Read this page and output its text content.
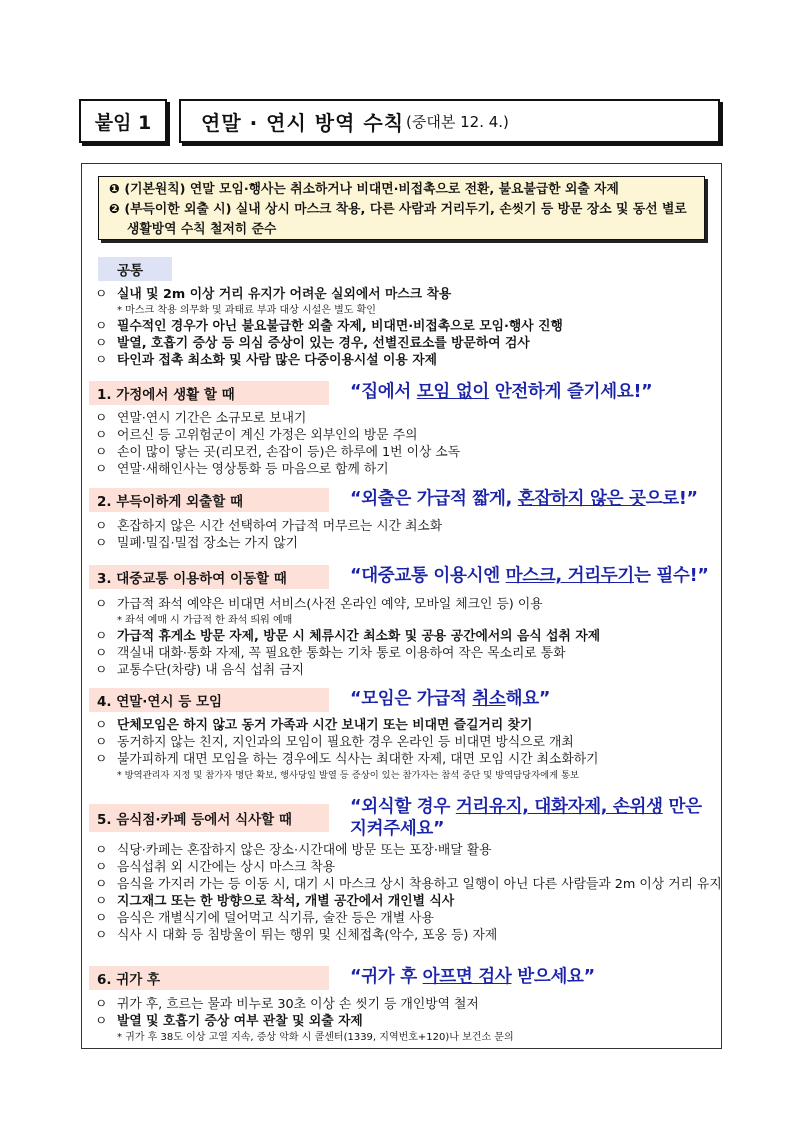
붙임 1	연말 · 연시 방역 수칙 (중대본 12. 4.)
❶ (기본원칙) 연말 모임·행사는 취소하거나 비대면·비접촉으로 전환, 불요불급한 외출 자제
❷ (부득이한 외출 시) 실내 상시 마스크 착용, 다른 사람과 거리두기, 손씻기 등 방문 장소 및 동선 별로 생활방역 수칙 철저히 준수
공통
ㅇ 실내 및 2m 이상 거리 유지가 어려운 실외에서 마스크 착용
* 마스크 착용 의무화 및 과태료 부과 대상 시설은 별도 확인
ㅇ 필수적인 경우가 아닌 불요불급한 외출 자제, 비대면·비접촉으로 모임·행사 진행
ㅇ 발열, 호흡기 증상 등 의심 증상이 있는 경우, 선별진료소를 방문하여 검사
ㅇ 타인과 접촉 최소화 및 사람 많은 다중이용시설 이용 자제
1. 가정에서 생활 할 때	“집에서 모임 없이 안전하게 즐기세요!”
ㅇ 연말·연시 기간은 소규모로 보내기
ㅇ 어르신 등 고위험군이 계신 가정은 외부인의 방문 주의
ㅇ 손이 많이 닿는 곳(리모컨, 손잡이 등)은 하루에 1번 이상 소독
ㅇ 연말·새해인사는 영상통화 등 마음으로 함께 하기
2. 부득이하게 외출할 때	“외출은 가급적 짧게, 혼잡하지 않은 곳으로!”
ㅇ 혼잡하지 않은 시간 선택하여 가급적 머무르는 시간 최소화
ㅇ 밀폐·밀집·밀접 장소는 가지 않기
3. 대중교통 이용하여 이동할 때	“대중교통 이용시엔 마스크, 거리두기는 필수!”
ㅇ 가급적 좌석 예약은 비대면 서비스(사전 온라인 예약, 모바일 체크인 등) 이용
* 좌석 예매 시 가급적 한 좌석 띄워 예매
ㅇ 가급적 휴게소 방문 자제, 방문 시 체류시간 최소화 및 공용 공간에서의 음식 섭취 자제
ㅇ 객실내 대화·통화 자제, 꼭 필요한 통화는 기차 통로 이용하여 작은 목소리로 통화
ㅇ 교통수단(차량) 내 음식 섭취 금지
4. 연말·연시 등 모임	“모임은 가급적 취소해요”
ㅇ 단체모임은 하지 않고 동거 가족과 시간 보내기 또는 비대면 즐길거리 찾기
ㅇ 동거하지 않는 친지, 지인과의 모임이 필요한 경우 온라인 등 비대면 방식으로 개최
ㅇ 불가피하게 대면 모임을 하는 경우에도 식사는 최대한 자제, 대면 모임 시간 최소화하기
* 방역관리자 지정 및 참가자 명단 확보, 행사당일 발열 등 증상이 있는 참가자는 참석 중단 및 방역담당자에게 통보
5. 음식점·카페 등에서 식사할 때
“외식할 경우 거리유지, 대화자제, 손위생 만은 지켜주세요”
ㅇ 식당·카페는 혼잡하지 않은 장소·시간대에 방문 또는 포장·배달 활용
ㅇ 음식섭취 외 시간에는 상시 마스크 착용
ㅇ 음식을 가지러 가는 등 이동 시, 대기 시 마스크 상시 착용하고 일행이 아닌 다른 사람들과 2m 이상 거리 유지
ㅇ 지그재그 또는 한 방향으로 착석, 개별 공간에서 개인별 식사
ㅇ 음식은 개별식기에 덜어먹고 식기류, 술잔 등은 개별 사용
ㅇ 식사 시 대화 등 침방울이 튀는 행위 및 신체접촉(악수, 포옹 등) 자제
6. 귀가 후	“귀가 후 아프면 검사 받으세요”
ㅇ 귀가 후, 흐르는 물과 비누로 30초 이상 손 씻기 등 개인방역 철저
ㅇ 발열 및 호흡기 증상 여부 관찰 및 외출 자제
* 귀가 후 38도 이상 고열 지속, 증상 악화 시 콜센터(1339, 지역번호+120)나 보건소 문의
